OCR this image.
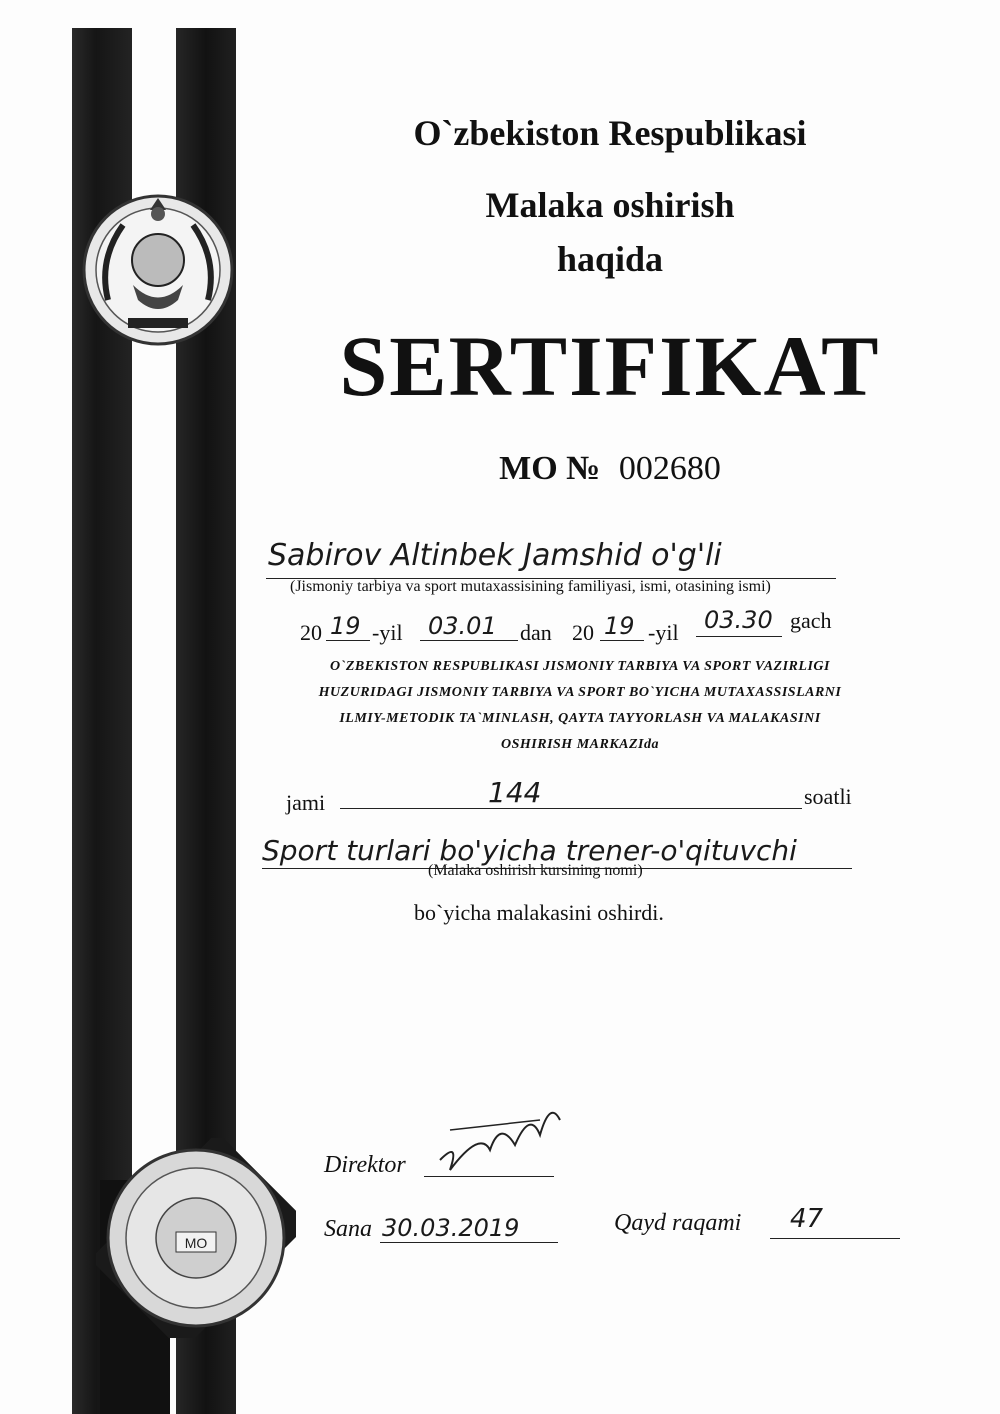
O`zbekiston Respublikasi
Malaka oshirish
haqida
SERTIFIKAT
MO № 002680
Sabirov Altinbek Jamshid o'g'li
(Jismoniy tarbiya va sport mutaxassisining familiyasi, ismi, otasining ismi)
20 19 -yil 03.01 dan 20 19 -yil 03.30 gach
O`ZBEKISTON RESPUBLIKASI JISMONIY TARBIYA VA SPORT VAZIRLIGI
HUZURIDAGI JISMONIY TARBIYA VA SPORT BO`YICHA MUTAXASSISLARNI
ILMIY-METODIK TA`MINLASH, QAYTA TAYYORLASH VA MALAKASINI
OSHIRISH MARKAZIda
jami	144	soatli
Sport turlari bo'yicha trener-o'qituvchi
(Malaka oshirish kursining nomi)
bo`yicha malakasini oshirdi.
MO
Direktor
Sana 30.03.2019	Qayd raqami 47
